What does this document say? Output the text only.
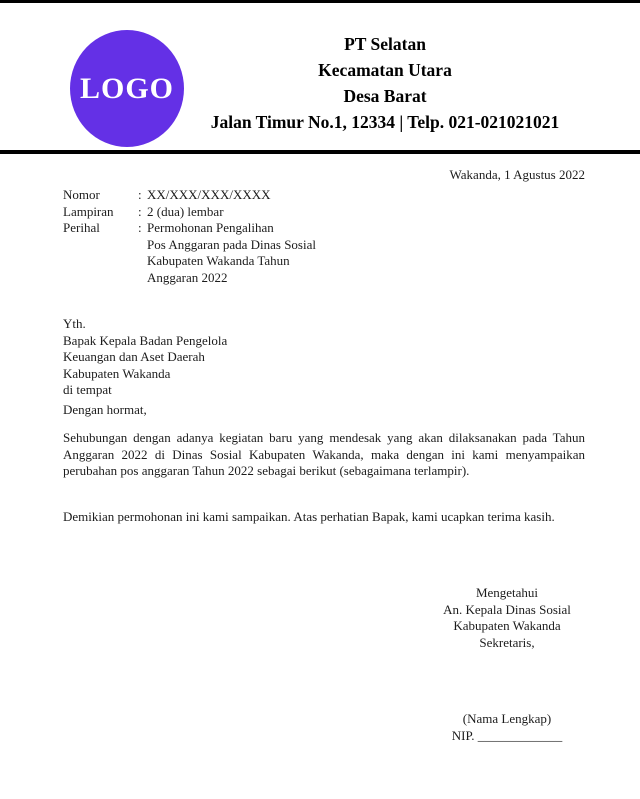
LOGO
PT Selatan
Kecamatan Utara
Desa Barat
Jalan Timur No.1, 12334 | Telp. 021-021021021
Wakanda, 1 Agustus 2022
Nomor	: XX/XXX/XXX/XXXX
Lampiran	: 2 (dua) lembar
Perihal	: Permohonan Pengalihan
Pos Anggaran pada Dinas Sosial
Kabupaten Wakanda Tahun
Anggaran 2022
Yth.
Bapak Kepala Badan Pengelola
Keuangan dan Aset Daerah
Kabupaten Wakanda
di tempat
Dengan hormat,
Sehubungan dengan adanya kegiatan baru yang mendesak yang akan dilaksanakan pada Tahun Anggaran 2022 di Dinas Sosial Kabupaten Wakanda, maka dengan ini kami menyampaikan perubahan pos anggaran Tahun 2022 sebagai berikut (sebagaimana terlampir).
Demikian permohonan ini kami sampaikan. Atas perhatian Bapak, kami ucapkan terima kasih.
Mengetahui
An. Kepala Dinas Sosial
Kabupaten Wakanda
Sekretaris,
(Nama Lengkap)
NIP. _____________
